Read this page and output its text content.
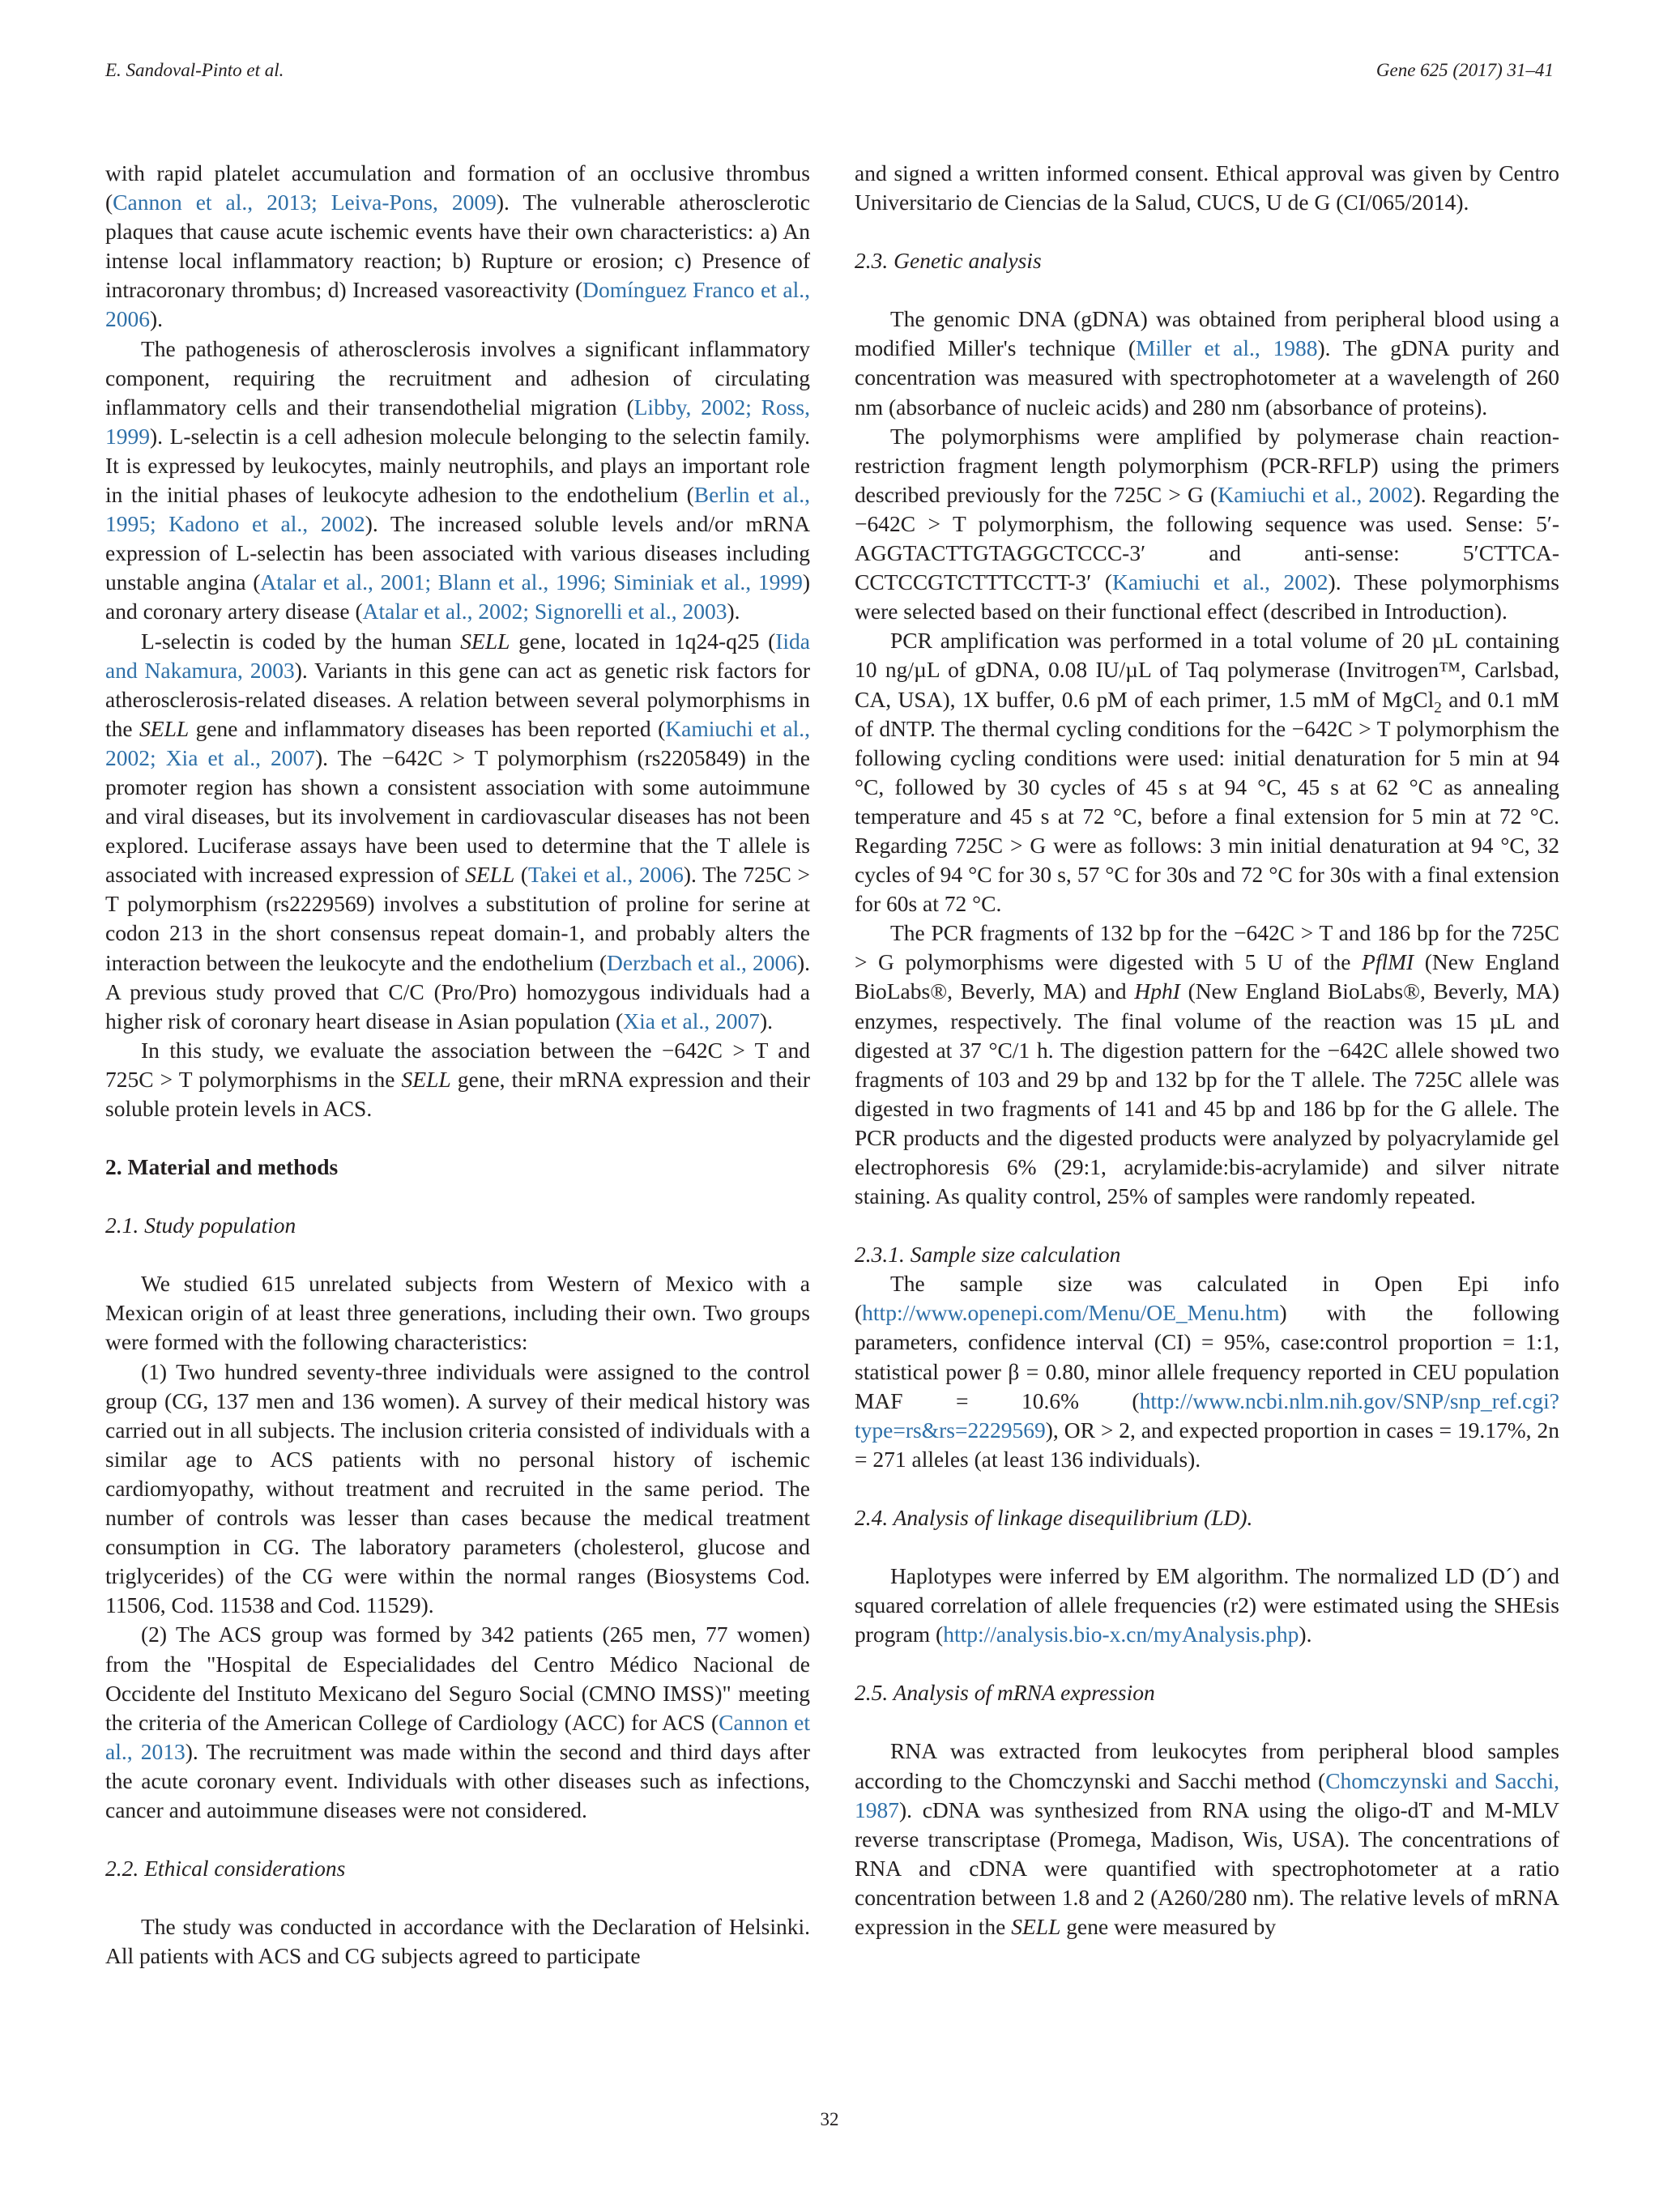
E. Sandoval-Pinto et al.	Gene 625 (2017) 31–41

with rapid platelet accumulation and formation of an occlusive thrombus (Cannon et al., 2013; Leiva-Pons, 2009). The vulnerable atherosclerotic plaques that cause acute ischemic events have their own characteristics: a) An intense local inflammatory reaction; b) Rupture or erosion; c) Presence of intracoronary thrombus; d) Increased vasoreactivity (Domínguez Franco et al., 2006).

The pathogenesis of atherosclerosis involves a significant inflammatory component, requiring the recruitment and adhesion of circulating inflammatory cells and their transendothelial migration (Libby, 2002; Ross, 1999). L-selectin is a cell adhesion molecule belonging to the selectin family. It is expressed by leukocytes, mainly neutrophils, and plays an important role in the initial phases of leukocyte adhesion to the endothelium (Berlin et al., 1995; Kadono et al., 2002). The increased soluble levels and/or mRNA expression of L-selectin has been associated with various diseases including unstable angina (Atalar et al., 2001; Blann et al., 1996; Siminiak et al., 1999) and coronary artery disease (Atalar et al., 2002; Signorelli et al., 2003).

L-selectin is coded by the human SELL gene, located in 1q24-q25 (Iida and Nakamura, 2003). Variants in this gene can act as genetic risk factors for atherosclerosis-related diseases. A relation between several polymorphisms in the SELL gene and inflammatory diseases has been reported (Kamiuchi et al., 2002; Xia et al., 2007). The −642C > T polymorphism (rs2205849) in the promoter region has shown a consistent association with some autoimmune and viral diseases, but its involvement in cardiovascular diseases has not been explored. Luciferase assays have been used to determine that the T allele is associated with increased expression of SELL (Takei et al., 2006). The 725C > T polymorphism (rs2229569) involves a substitution of proline for serine at codon 213 in the short consensus repeat domain-1, and probably alters the interaction between the leukocyte and the endothelium (Derzbach et al., 2006). A previous study proved that C/C (Pro/Pro) homozygous individuals had a higher risk of coronary heart disease in Asian population (Xia et al., 2007).

In this study, we evaluate the association between the −642C > T and 725C > T polymorphisms in the SELL gene, their mRNA expression and their soluble protein levels in ACS.

2. Material and methods
2.1. Study population

We studied 615 unrelated subjects from Western of Mexico with a Mexican origin of at least three generations, including their own. Two groups were formed with the following characteristics:

(1) Two hundred seventy-three individuals were assigned to the control group (CG, 137 men and 136 women). A survey of their medical history was carried out in all subjects. The inclusion criteria consisted of individuals with a similar age to ACS patients with no personal history of ischemic cardiomyopathy, without treatment and recruited in the same period. The number of controls was lesser than cases because the medical treatment consumption in CG. The laboratory parameters (cholesterol, glucose and triglycerides) of the CG were within the normal ranges (Biosystems Cod. 11506, Cod. 11538 and Cod. 11529).

(2) The ACS group was formed by 342 patients (265 men, 77 women) from the "Hospital de Especialidades del Centro Médico Nacional de Occidente del Instituto Mexicano del Seguro Social (CMNO IMSS)" meeting the criteria of the American College of Cardiology (ACC) for ACS (Cannon et al., 2013). The recruitment was made within the second and third days after the acute coronary event. Individuals with other diseases such as infections, cancer and autoimmune diseases were not considered.

2.2. Ethical considerations

The study was conducted in accordance with the Declaration of Helsinki. All patients with ACS and CG subjects agreed to participate

and signed a written informed consent. Ethical approval was given by Centro Universitario de Ciencias de la Salud, CUCS, U de G (CI/065/2014).

2.3. Genetic analysis

The genomic DNA (gDNA) was obtained from peripheral blood using a modified Miller's technique (Miller et al., 1988). The gDNA purity and concentration was measured with spectrophotometer at a wavelength of 260 nm (absorbance of nucleic acids) and 280 nm (absorbance of proteins).

The polymorphisms were amplified by polymerase chain reaction-restriction fragment length polymorphism (PCR-RFLP) using the primers described previously for the 725C > G (Kamiuchi et al., 2002). Regarding the −642C > T polymorphism, the following sequence was used. Sense: 5′-AGGTACTTGTAGGCTCCC-3′ and anti-sense: 5′CTTCA-CCTCCGTCTTTCCTT-3′ (Kamiuchi et al., 2002). These polymorphisms were selected based on their functional effect (described in Introduction).

PCR amplification was performed in a total volume of 20 µL containing 10 ng/µL of gDNA, 0.08 IU/µL of Taq polymerase (Invitrogen™, Carlsbad, CA, USA), 1X buffer, 0.6 pM of each primer, 1.5 mM of MgCl$_2$ and 0.1 mM of dNTP. The thermal cycling conditions for the −642C > T polymorphism the following cycling conditions were used: initial denaturation for 5 min at 94 °C, followed by 30 cycles of 45 s at 94 °C, 45 s at 62 °C as annealing temperature and 45 s at 72 °C, before a final extension for 5 min at 72 °C. Regarding 725C > G were as follows: 3 min initial denaturation at 94 °C, 32 cycles of 94 °C for 30 s, 57 °C for 30s and 72 °C for 30s with a final extension for 60s at 72 °C.

The PCR fragments of 132 bp for the −642C > T and 186 bp for the 725C > G polymorphisms were digested with 5 U of the PflMI (New England BioLabs®, Beverly, MA) and HphI (New England BioLabs®, Beverly, MA) enzymes, respectively. The final volume of the reaction was 15 µL and digested at 37 °C/1 h. The digestion pattern for the −642C allele showed two fragments of 103 and 29 bp and 132 bp for the T allele. The 725C allele was digested in two fragments of 141 and 45 bp and 186 bp for the G allele. The PCR products and the digested products were analyzed by polyacrylamide gel electrophoresis 6% (29:1, acrylamide:bis-acrylamide) and silver nitrate staining. As quality control, 25% of samples were randomly repeated.

2.3.1. Sample size calculation

The sample size was calculated in Open Epi info (http://www.openepi.com/Menu/OE_Menu.htm) with the following parameters, confidence interval (CI) = 95%, case:control proportion = 1:1, statistical power β = 0.80, minor allele frequency reported in CEU population MAF = 10.6% (http://www.ncbi.nlm.nih.gov/SNP/snp_ref.cgi?type=rs&rs=2229569), OR > 2, and expected proportion in cases = 19.17%, 2n = 271 alleles (at least 136 individuals).

2.4. Analysis of linkage disequilibrium (LD).

Haplotypes were inferred by EM algorithm. The normalized LD (D´) and squared correlation of allele frequencies (r2) were estimated using the SHEsis program (http://analysis.bio-x.cn/myAnalysis.php).

2.5. Analysis of mRNA expression

RNA was extracted from leukocytes from peripheral blood samples according to the Chomczynski and Sacchi method (Chomczynski and Sacchi, 1987). cDNA was synthesized from RNA using the oligo-dT and M-MLV reverse transcriptase (Promega, Madison, Wis, USA). The concentrations of RNA and cDNA were quantified with spectrophotometer at a ratio concentration between 1.8 and 2 (A260/280 nm). The relative levels of mRNA expression in the SELL gene were measured by

32
